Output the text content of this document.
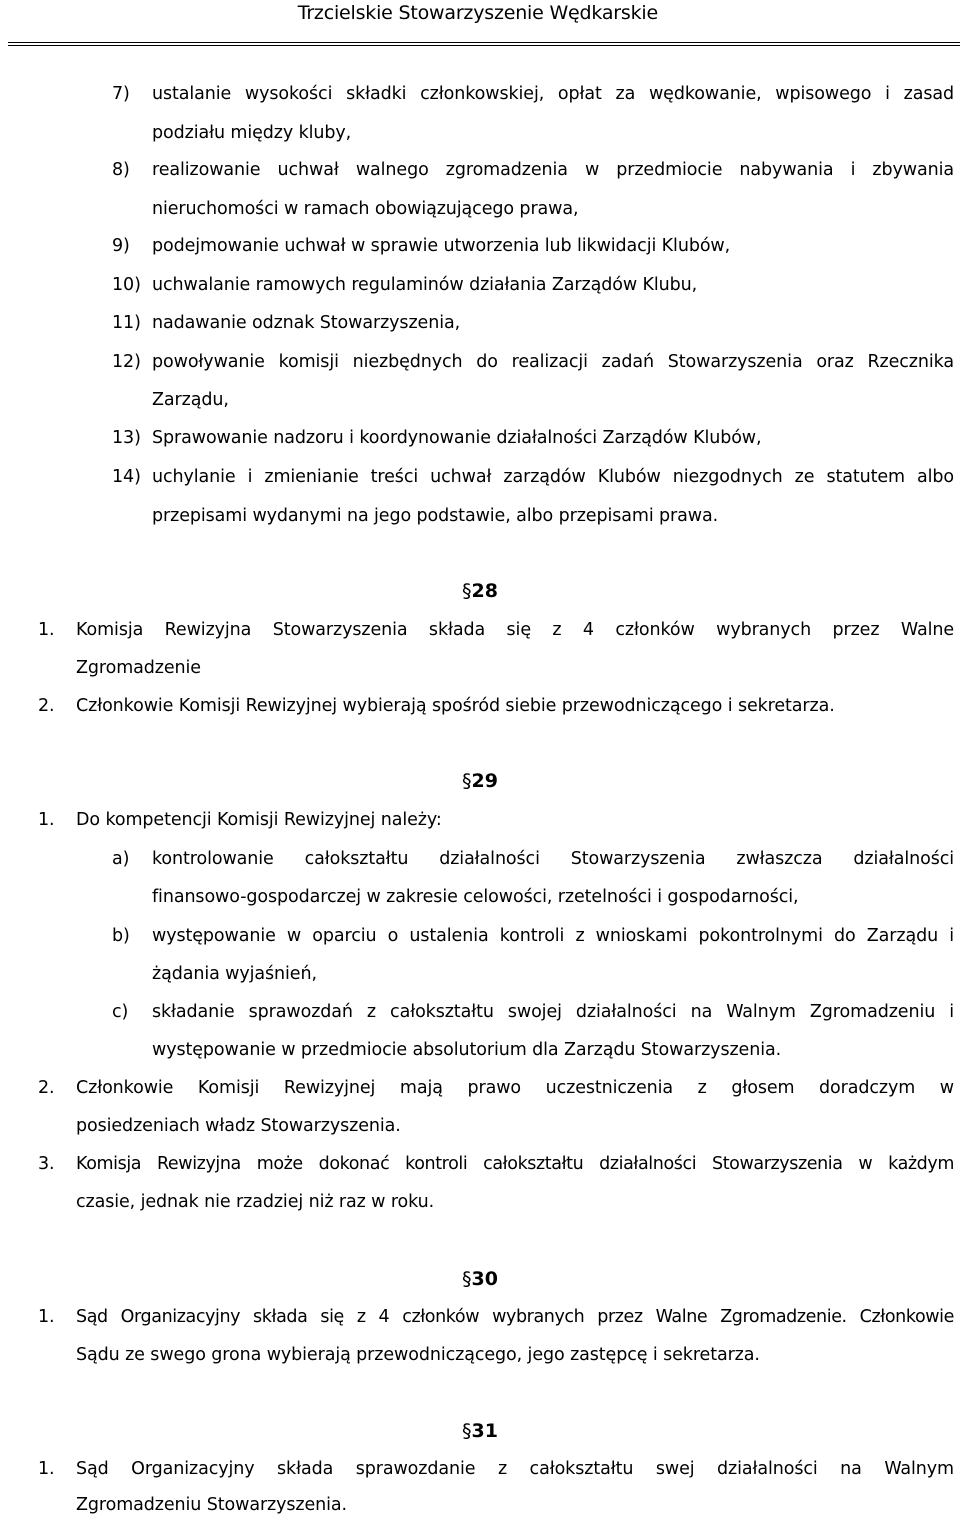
Trzcielskie Stowarzyszenie Wędkarskie
7) ustalanie wysokości składki członkowskiej, opłat za wędkowanie, wpisowego i zasad
podziału między kluby,
8) realizowanie uchwał walnego zgromadzenia w przedmiocie nabywania i zbywania
nieruchomości w ramach obowiązującego prawa,
9) podejmowanie uchwał w sprawie utworzenia lub likwidacji Klubów,
10) uchwalanie ramowych regulaminów działania Zarządów Klubu,
11) nadawanie odznak Stowarzyszenia,
12) powoływanie komisji niezbędnych do realizacji zadań Stowarzyszenia oraz Rzecznika
Zarządu,
13) Sprawowanie nadzoru i koordynowanie działalności Zarządów Klubów,
14) uchylanie i zmienianie treści uchwał zarządów Klubów niezgodnych ze statutem albo
przepisami wydanymi na jego podstawie, albo przepisami prawa.
§28
1. Komisja Rewizyjna Stowarzyszenia składa się z 4 członków wybranych przez Walne
Zgromadzenie
2. Członkowie Komisji Rewizyjnej wybierają spośród siebie przewodniczącego i sekretarza.
§29
1. Do kompetencji Komisji Rewizyjnej należy:
a) kontrolowanie całokształtu działalności Stowarzyszenia zwłaszcza działalności
finansowo-gospodarczej w zakresie celowości, rzetelności i gospodarności,
b) występowanie w oparciu o ustalenia kontroli z wnioskami pokontrolnymi do Zarządu i
żądania wyjaśnień,
c) składanie sprawozdań z całokształtu swojej działalności na Walnym Zgromadzeniu i
występowanie w przedmiocie absolutorium dla Zarządu Stowarzyszenia.
2. Członkowie Komisji Rewizyjnej mają prawo uczestniczenia z głosem doradczym w
posiedzeniach władz Stowarzyszenia.
3. Komisja Rewizyjna może dokonać kontroli całokształtu działalności Stowarzyszenia w każdym
czasie, jednak nie rzadziej niż raz w roku.
§30
1. Sąd Organizacyjny składa się z 4 członków wybranych przez Walne Zgromadzenie. Członkowie
Sądu ze swego grona wybierają przewodniczącego, jego zastępcę i sekretarza.
§31
1. Sąd Organizacyjny składa sprawozdanie z całokształtu swej działalności na Walnym
Zgromadzeniu Stowarzyszenia.
